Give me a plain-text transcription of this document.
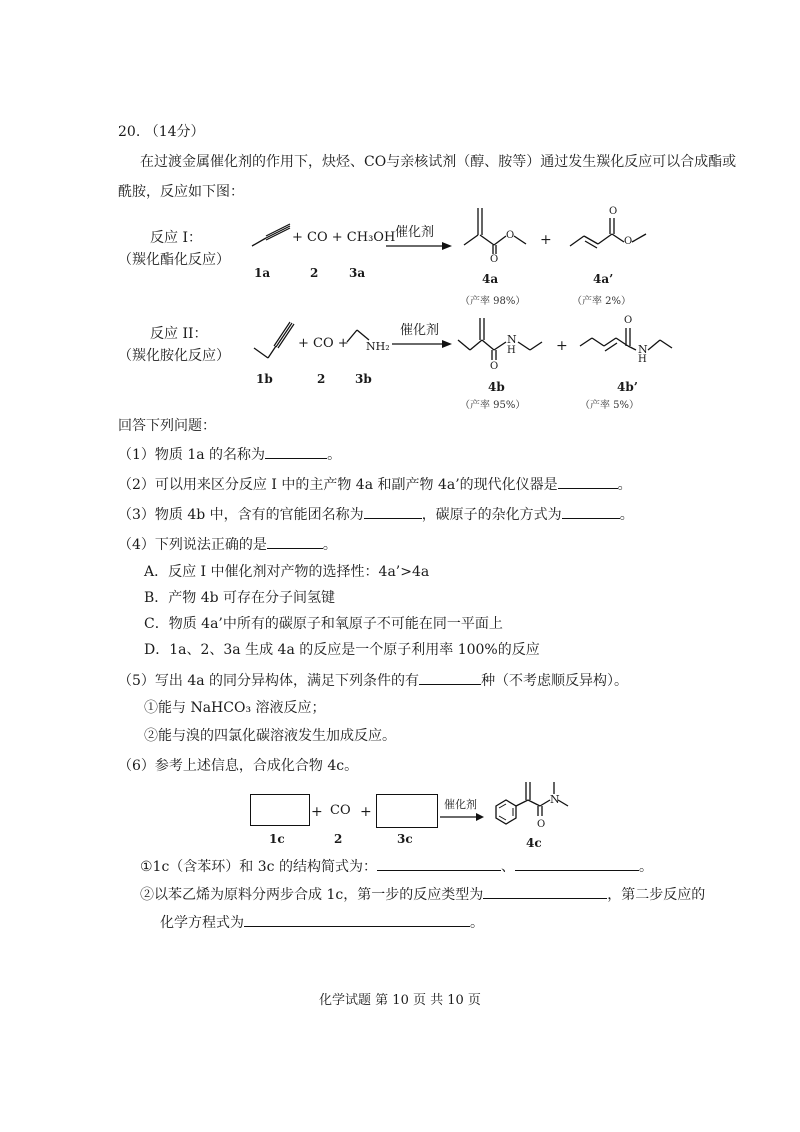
20. （14分）
在过渡金属催化剂的作用下，炔烃、CO与亲核试剂（醇、胺等）通过发生羰化反应可以合成酯或
酰胺，反应如下图：
反应 I：
（羰化酯化反应）
+ CO + CH₃OH 催化剂
O
O +
O
O
1a	2	3a	4a	4a’
（产率 98%）	（产率 2%）
反应 II：
（羰化胺化反应）
+ CO + NH₂
催化剂
O
N
H	+
O
N
H
1b	2 3b
4b	4b’
（产率 95%）	（产率 5%）
回答下列问题：
（1）物质 1a 的名称为	。
（2）可以用来区分反应 I 中的主产物 4a 和副产物 4a’的现代化仪器是	。
（3）物质 4b 中，含有的官能团名称为	，碳原子的杂化方式为	。
（4）下列说法正确的是	。
A．反应 I 中催化剂对产物的选择性：4a’>4a
B．产物 4b 可存在分子间氢键
C．物质 4a’中所有的碳原子和氧原子不可能在同一平面上
D．1a、2、3a 生成 4a 的反应是一个原子利用率 100%的反应
（5）写出 4a 的同分异构体，满足下列条件的有	种（不考虑顺反异构）。
①能与 NaHCO₃ 溶液反应；
②能与溴的四氯化碳溶液发生加成反应。
（6）参考上述信息，合成化合物 4c。
+ CO +	催化剂
O
N
1c	2	3c	4c
①1c（含苯环）和 3c 的结构简式为：	、	。
②以苯乙烯为原料分两步合成 1c，第一步的反应类型为	，第二步反应的
化学方程式为	。
化学试题 第 10 页 共 10 页
